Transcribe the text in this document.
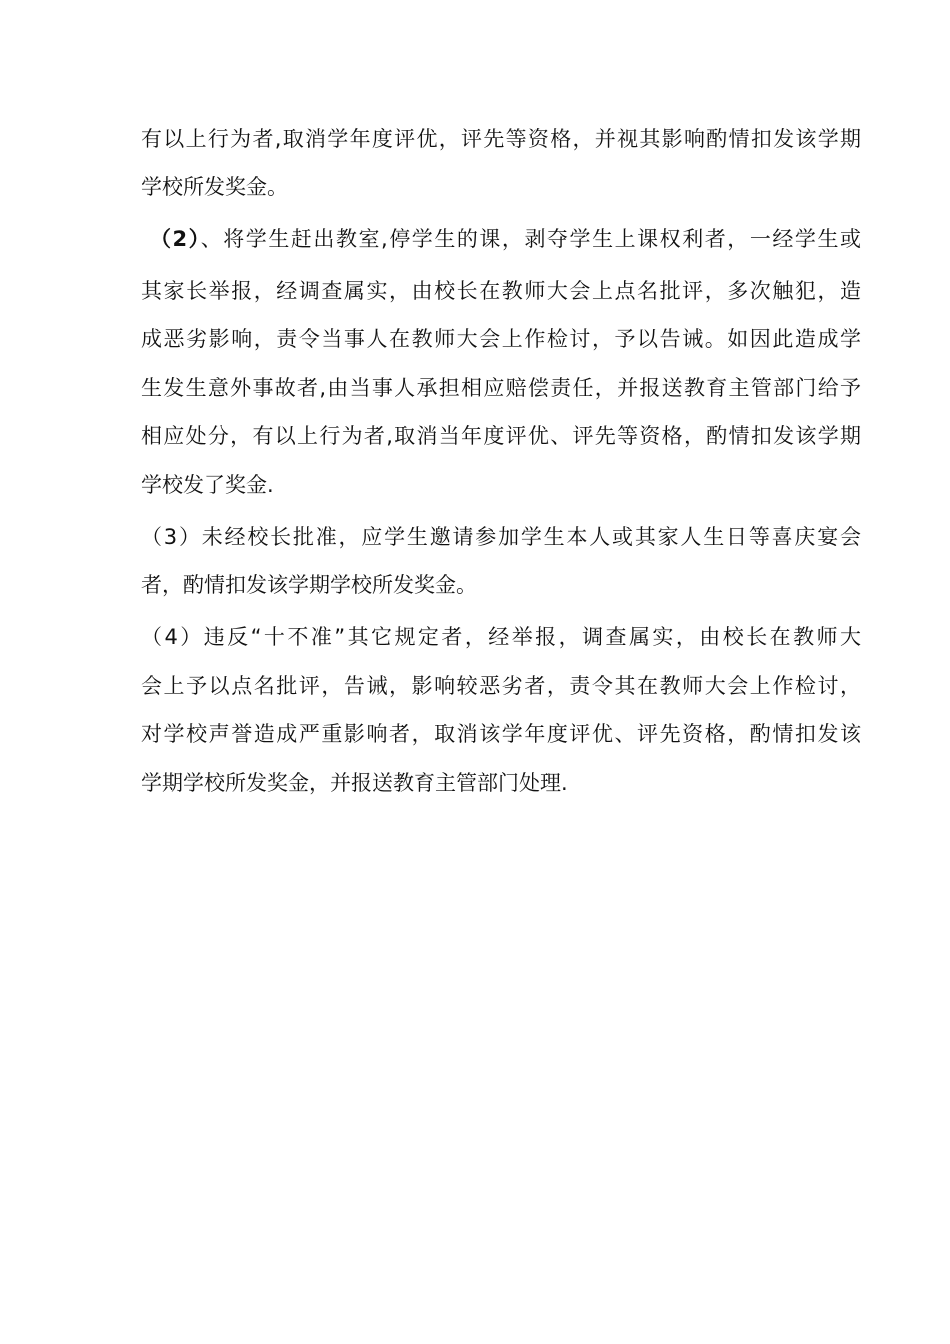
有以上行为者,取消学年度评优，评先等资格，并视其影响酌情扣发该学期
学校所发奖金。
（2）、将学生赶出教室,停学生的课，剥夺学生上课权利者，一经学生或
其家长举报，经调查属实，由校长在教师大会上点名批评，多次触犯，造
成恶劣影响，责令当事人在教师大会上作检讨，予以告诫。如因此造成学
生发生意外事故者,由当事人承担相应赔偿责任，并报送教育主管部门给予
相应处分，有以上行为者,取消当年度评优、评先等资格，酌情扣发该学期
学校发了奖金.
（3）未经校长批准，应学生邀请参加学生本人或其家人生日等喜庆宴会
者，酌情扣发该学期学校所发奖金。
（4）违反“十不准”其它规定者，经举报，调查属实，由校长在教师大
会上予以点名批评，告诫，影响较恶劣者，责令其在教师大会上作检讨，
对学校声誉造成严重影响者，取消该学年度评优、评先资格，酌情扣发该
学期学校所发奖金，并报送教育主管部门处理.
